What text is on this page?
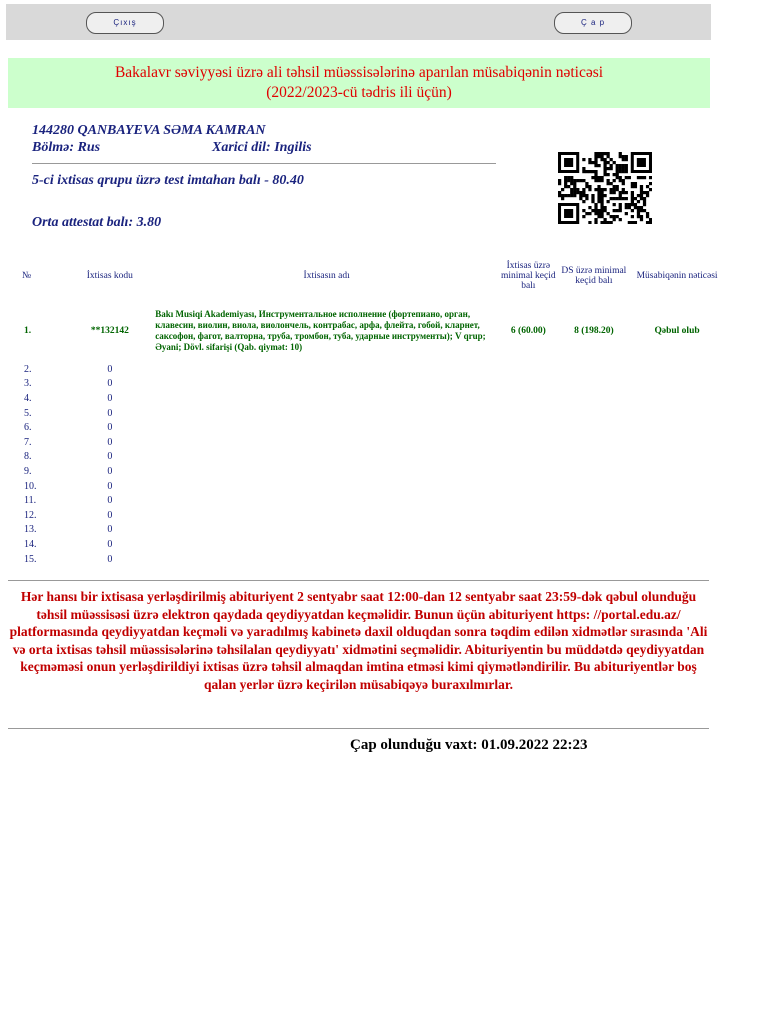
Çıxış	Ç a p
Bakalavr səviyyəsi üzrə ali təhsil müəssisələrinə aparılan müsabiqənin nəticəsi
(2022/2023-cü tədris ili üçün)
144280 QANBAYEVA SƏMA KAMRAN
Bölmə: Rus	Xarici dil: Ingilis
5-ci ixtisas qrupu üzrə test imtahan balı - 80.40
Orta attestat balı: 3.80
№	İxtisas kodu	İxtisasın adı	İxtisas üzrə minimal keçid balı	DS üzrə minimal keçid balı	Müsabiqənin nəticəsi
1.	**132142	Bakı Musiqi Akademiyası, Инструментальное исполнение (фортепиано, орган, клавесин, виолин, виола, виолончель, контрабас, арфа, флейта, гобой, кларнет, саксофон, фагот, валторна, труба, тромбон, туба, ударные инструменты); V qrup; Əyani; Dövl. sifarişi (Qab. qiymət: 10)	6 (60.00)	8 (198.20)	Qəbul olub
2.	0				
3.	0				
4.	0				
5.	0				
6.	0				
7.	0				
8.	0				
9.	0				
10.	0				
11.	0				
12.	0				
13.	0				
14.	0				
15.	0				
Hər hansı bir ixtisasa yerləşdirilmiş abituriyent 2 sentyabr saat 12:00-dan 12 sentyabr saat 23:59-dək qəbul olunduğu təhsil müəssisəsi üzrə elektron qaydada qeydiyyatdan keçməlidir. Bunun üçün abituriyent https: //portal.edu.az/ platformasında qeydiyyatdan keçməli və yaradılmış kabinetə daxil olduqdan sonra təqdim edilən xidmətlər sırasında 'Ali və orta ixtisas təhsil müəssisələrinə təhsilalan qeydiyyatı' xidmətini seçməlidir. Abituriyentin bu müddətdə qeydiyyatdan keçməməsi onun yerləşdirildiyi ixtisas üzrə təhsil almaqdan imtina etməsi kimi qiymətləndirilir. Bu abituriyentlər boş qalan yerlər üzrə keçirilən müsabiqəyə buraxılmırlar.
Çap olunduğu vaxt: 01.09.2022 22:23
